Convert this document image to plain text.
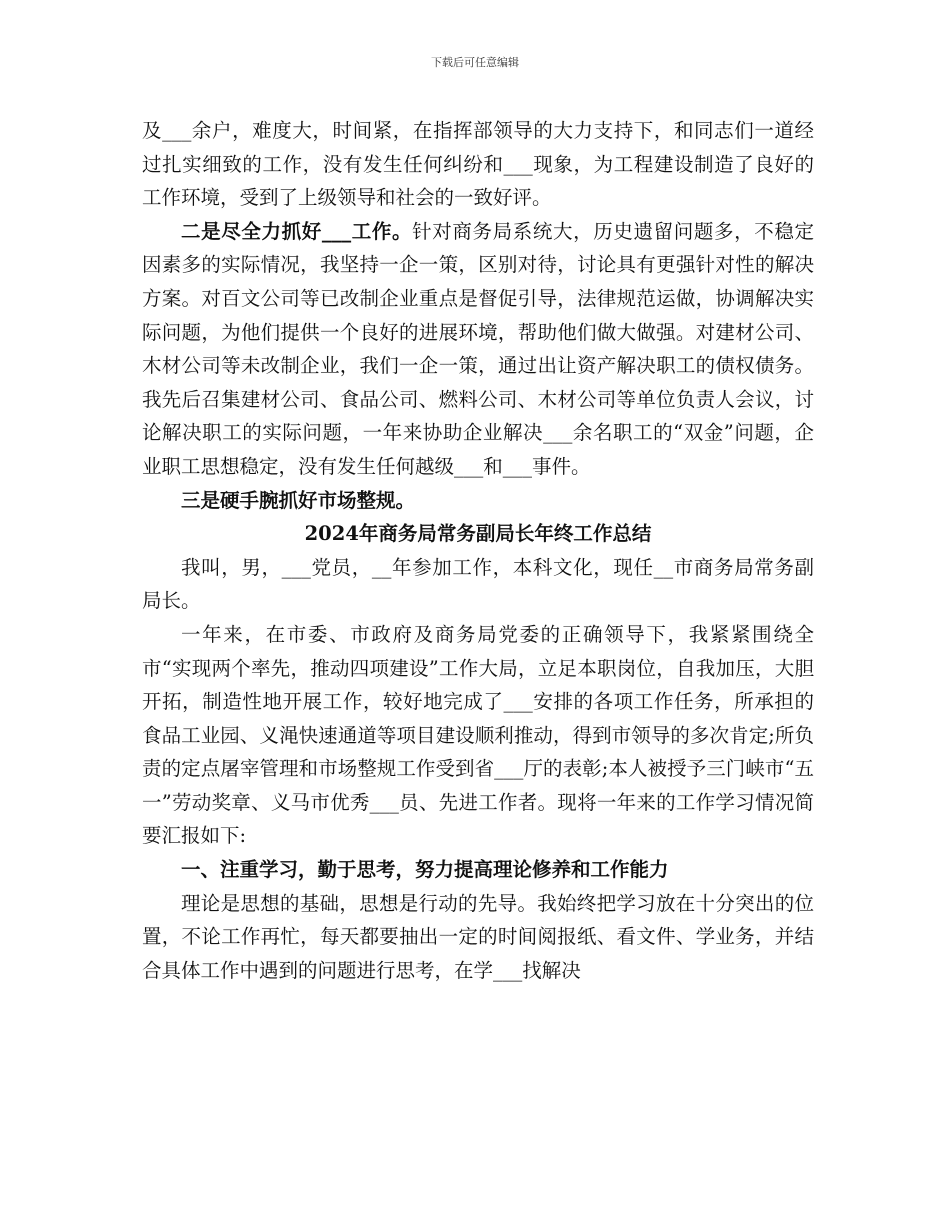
下载后可任意编辑

及___余户，难度大，时间紧，在指挥部领导的大力支持下，和同志们一道经过扎实细致的工作，没有发生任何纠纷和___现象，为工程建设制造了良好的工作环境，受到了上级领导和社会的一致好评。

二是尽全力抓好___工作。针对商务局系统大，历史遗留问题多，不稳定因素多的实际情况，我坚持一企一策，区别对待，讨论具有更强针对性的解决方案。对百文公司等已改制企业重点是督促引导，法律规范运做，协调解决实际问题，为他们提供一个良好的进展环境，帮助他们做大做强。对建材公司、木材公司等未改制企业，我们一企一策，通过出让资产解决职工的债权债务。我先后召集建材公司、食品公司、燃料公司、木材公司等单位负责人会议，讨论解决职工的实际问题，一年来协助企业解决___余名职工的“双金”问题，企业职工思想稳定，没有发生任何越级___和___事件。

三是硬手腕抓好市场整规。

2024年商务局常务副局长年终工作总结

我叫，男，___党员，__年参加工作，本科文化，现任__市商务局常务副局长。

一年来，在市委、市政府及商务局党委的正确领导下，我紧紧围绕全市“实现两个率先，推动四项建设”工作大局，立足本职岗位，自我加压，大胆开拓，制造性地开展工作，较好地完成了___安排的各项工作任务，所承担的食品工业园、义渑快速通道等项目建设顺利推动，得到市领导的多次肯定;所负责的定点屠宰管理和市场整规工作受到省___厅的表彰;本人被授予三门峡市“五一”劳动奖章、义马市优秀___员、先进工作者。现将一年来的工作学习情况简要汇报如下:

一、注重学习，勤于思考，努力提高理论修养和工作能力

理论是思想的基础，思想是行动的先导。我始终把学习放在十分突出的位置，不论工作再忙，每天都要抽出一定的时间阅报纸、看文件、学业务，并结合具体工作中遇到的问题进行思考，在学___找解决
